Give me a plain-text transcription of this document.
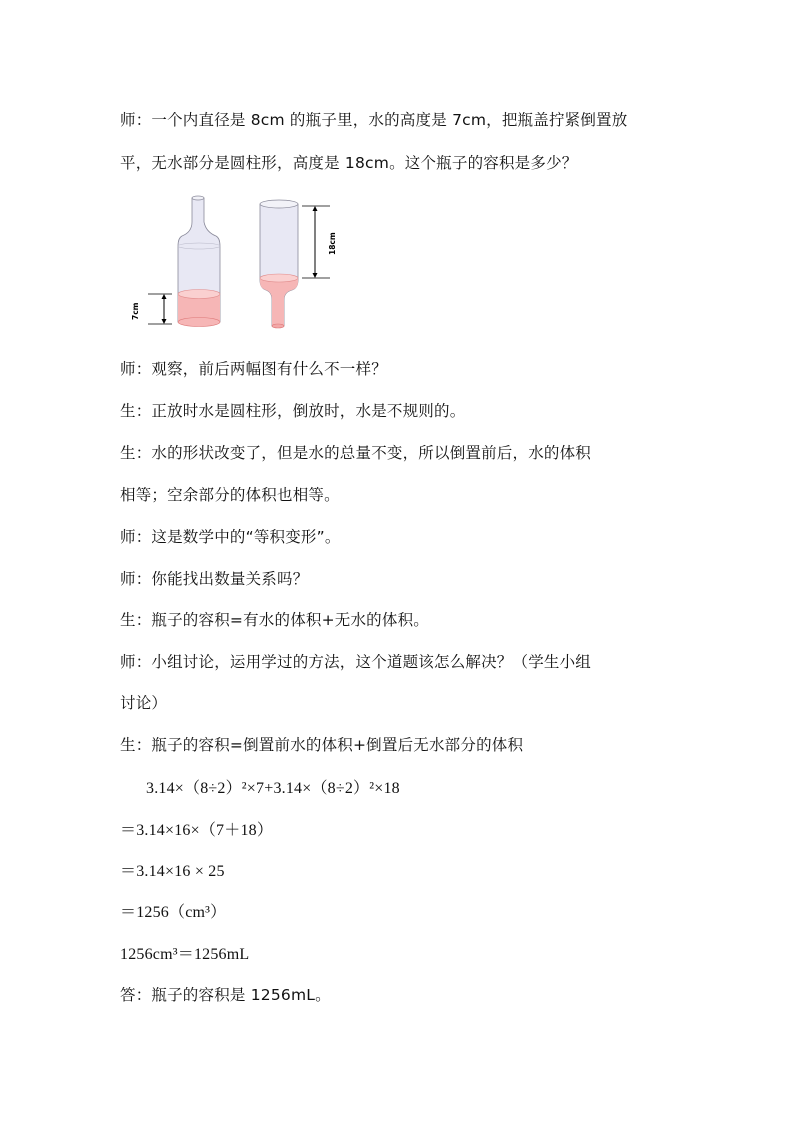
师：一个内直径是 8cm 的瓶子里，水的高度是 7cm，把瓶盖拧紧倒置放
平，无水部分是圆柱形，高度是 18cm。这个瓶子的容积是多少？
7cm
18cm
师：观察，前后两幅图有什么不一样？
生：正放时水是圆柱形，倒放时，水是不规则的。
生：水的形状改变了，但是水的总量不变，所以倒置前后，水的体积
相等；空余部分的体积也相等。
师：这是数学中的“等积变形”。
师：你能找出数量关系吗？
生：瓶子的容积=有水的体积+无水的体积。
师：小组讨论，运用学过的方法，这个道题该怎么解决？（学生小组
讨论）
生：瓶子的容积=倒置前水的体积+倒置后无水部分的体积
3.14×（8÷2）²×7+3.14×（8÷2）²×18
＝3.14×16×（7＋18）
＝3.14×16 × 25
＝1256（cm³）
1256cm³＝1256mL
答：瓶子的容积是 1256mL。
